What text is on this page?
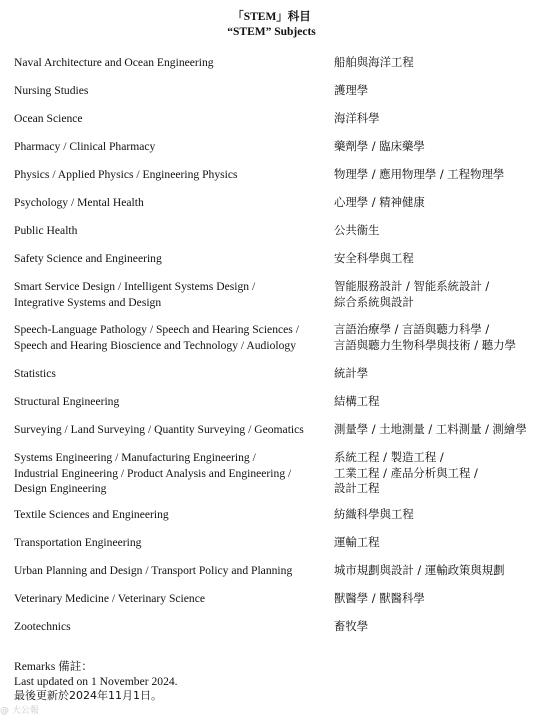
「STEM」科目
“STEM” Subjects
Naval Architecture and Ocean Engineering	船舶與海洋工程
Nursing Studies	護理學
Ocean Science	海洋科學
Pharmacy / Clinical Pharmacy	藥劑學 / 臨床藥學
Physics / Applied Physics / Engineering Physics	物理學 / 應用物理學 / 工程物理學
Psychology / Mental Health	心理學 / 精神健康
Public Health	公共衞生
Safety Science and Engineering	安全科學與工程
Smart Service Design / Intelligent Systems Design /
Integrative Systems and Design
智能服務設計 / 智能系統設計 /
綜合系統與設計
Speech-Language Pathology / Speech and Hearing Sciences /
Speech and Hearing Bioscience and Technology / Audiology
言語治療學 / 言語與聽力科學 /
言語與聽力生物科學與技術 / 聽力學
Statistics	統計學
Structural Engineering	結構工程
Surveying / Land Surveying / Quantity Surveying / Geomatics	測量學 / 土地測量 / 工料測量 / 測繪學
Systems Engineering / Manufacturing Engineering /
Industrial Engineering / Product Analysis and Engineering /
Design Engineering
系統工程 / 製造工程 /
工業工程 / 產品分析與工程 /
設計工程
Textile Sciences and Engineering	紡織科學與工程
Transportation Engineering	運輸工程
Urban Planning and Design / Transport Policy and Planning	城市規劃與設計 / 運輸政策與規劃
Veterinary Medicine / Veterinary Science	獸醫學 / 獸醫科學
Zootechnics	畜牧學
Remarks 備註：
Last updated on 1 November 2024.
最後更新於2024年11月1日。
@ 大公報
